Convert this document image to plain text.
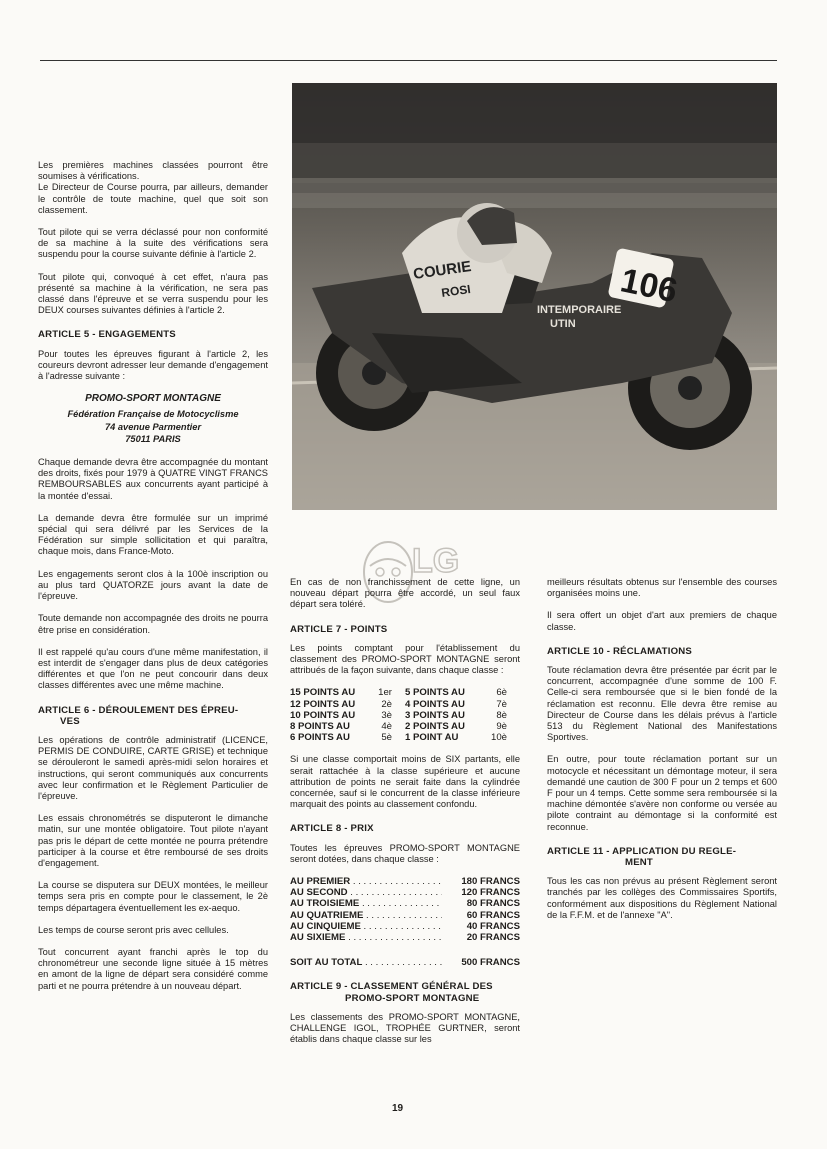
Les premières machines classées pourront être soumises à vérifications.

Le Directeur de Course pourra, par ailleurs, demander le contrôle de toute machine, quel que soit son classement.

Tout pilote qui se verra déclassé pour non conformité de sa machine à la suite des vérifications sera suspendu pour la course suivante définie à l'article 2.

Tout pilote qui, convoqué à cet effet, n'aura pas présenté sa machine à la vérification, ne sera pas classé dans l'épreuve et se verra suspendu pour les DEUX courses suivantes définies à l'article 2.

ARTICLE 5 - ENGAGEMENTS

Pour toutes les épreuves figurant à l'article 2, les coureurs devront adresser leur demande d'engagement à l'adresse suivante :

PROMO-SPORT MONTAGNE
Fédération Française de Motocyclisme
74 avenue Parmentier
75011 PARIS

Chaque demande devra être accompagnée du montant des droits, fixés pour 1979 à QUATRE VINGT FRANCS REMBOURSABLES aux concurrents ayant participé à la montée d'essai.

La demande devra être formulée sur un imprimé spécial qui sera délivré par les Services de la Fédération sur simple sollicitation et qui paraîtra, chaque mois, dans France-Moto.

Les engagements seront clos à la 100è inscription ou au plus tard QUATORZE jours avant la date de l'épreuve.

Toute demande non accompagnée des droits ne pourra être prise en considération.

Il est rappelé qu'au cours d'une même manifestation, il est interdit de s'engager dans plus de deux catégories différentes et que l'on ne peut concourir dans deux classes différentes avec une même machine.

ARTICLE 6 - DÉROULEMENT DES ÉPREU-
VES

Les opérations de contrôle administratif (LICENCE, PERMIS DE CONDUIRE, CARTE GRISE) et technique se dérouleront le samedi après-midi selon horaires et instructions, qui seront communiqués aux concurrents avec leur confirmation et le Règlement Particulier de l'épreuve.

Les essais chronométrés se disputeront le dimanche matin, sur une montée obligatoire. Tout pilote n'ayant pas pris le départ de cette montée ne pourra prétendre participer à la course et être remboursé de ses droits d'engagement.

La course se disputera sur DEUX montées, le meilleur temps sera pris en compte pour le classement, le 2è temps départagera éventuellement les ex-aequo.

Les temps de course seront pris avec cellules.

Tout concurrent ayant franchi après le top du chronométreur une seconde ligne située à 15 mètres en amont de la ligne de départ sera considéré comme parti et ne pourra prétendre à un nouveau départ.

106
COURIE
ROSI
INTEMPORAIRE
UTIN
LG

En cas de non franchissement de cette ligne, un nouveau départ pourra être accordé, un seul faux départ sera toléré.

ARTICLE 7 - POINTS

Les points comptant pour l'établissement du classement des PROMO-SPORT MONTAGNE seront attribués de la façon suivante, dans chaque classe :

15 POINTS AU	1er 5 POINTS AU	6è
12 POINTS AU	2è 4 POINTS AU	7è
10 POINTS AU	3è 3 POINTS AU	8è
8 POINTS AU	4è 2 POINTS AU	9è
6 POINTS AU	5è 1 POINT AU	10è

Si une classe comportait moins de SIX partants, elle serait rattachée à la classe supérieure et aucune attribution de points ne serait faite dans la cylindrée concernée, sauf si le concurrent de la classe inférieure marquait des points au classement confondu.

ARTICLE 8 - PRIX

Toutes les épreuves PROMO-SPORT MONTAGNE seront dotées, dans chaque classe :

AU PREMIER . . .	180 FRANCS
AU SECOND . . .	120 FRANCS
AU TROISIEME . . .	80 FRANCS
AU QUATRIEME . . .	60 FRANCS
AU CINQUIEME . . .	40 FRANCS
AU SIXIEME . . .	20 FRANCS
SOIT AU TOTAL . . .	500 FRANCS
ARTICLE 9 - CLASSEMENT GÉNÉRAL DES
PROMO-SPORT MONTAGNE

Les classements des PROMO-SPORT MONTAGNE, CHALLENGE IGOL, TROPHÉE GURTNER, seront établis dans chaque classe sur les

meilleurs résultats obtenus sur l'ensemble des courses organisées moins une.

Il sera offert un objet d'art aux premiers de chaque classe.

ARTICLE 10 - RÉCLAMATIONS

Toute réclamation devra être présentée par écrit par le concurrent, accompagnée d'une somme de 100 F. Celle-ci sera remboursée que si le bien fondé de la réclamation est reconnu. Elle devra être remise au Directeur de Course dans les délais prévus à l'article 513 du Règlement National des Manifestations Sportives.

En outre, pour toute réclamation portant sur un motocycle et nécessitant un démontage moteur, il sera demandé une caution de 300 F pour un 2 temps et 600 F pour un 4 temps. Cette somme sera remboursée si la machine démontée s'avère non conforme ou versée au pilote contraint au démontage si la conformité est reconnue.

ARTICLE 11 - APPLICATION DU REGLE-
MENT

Tous les cas non prévus au présent Règlement seront tranchés par les collèges des Commissaires Sportifs, conformément aux dispositions du Règlement National de la F.F.M. et de l'annexe "A".

19
